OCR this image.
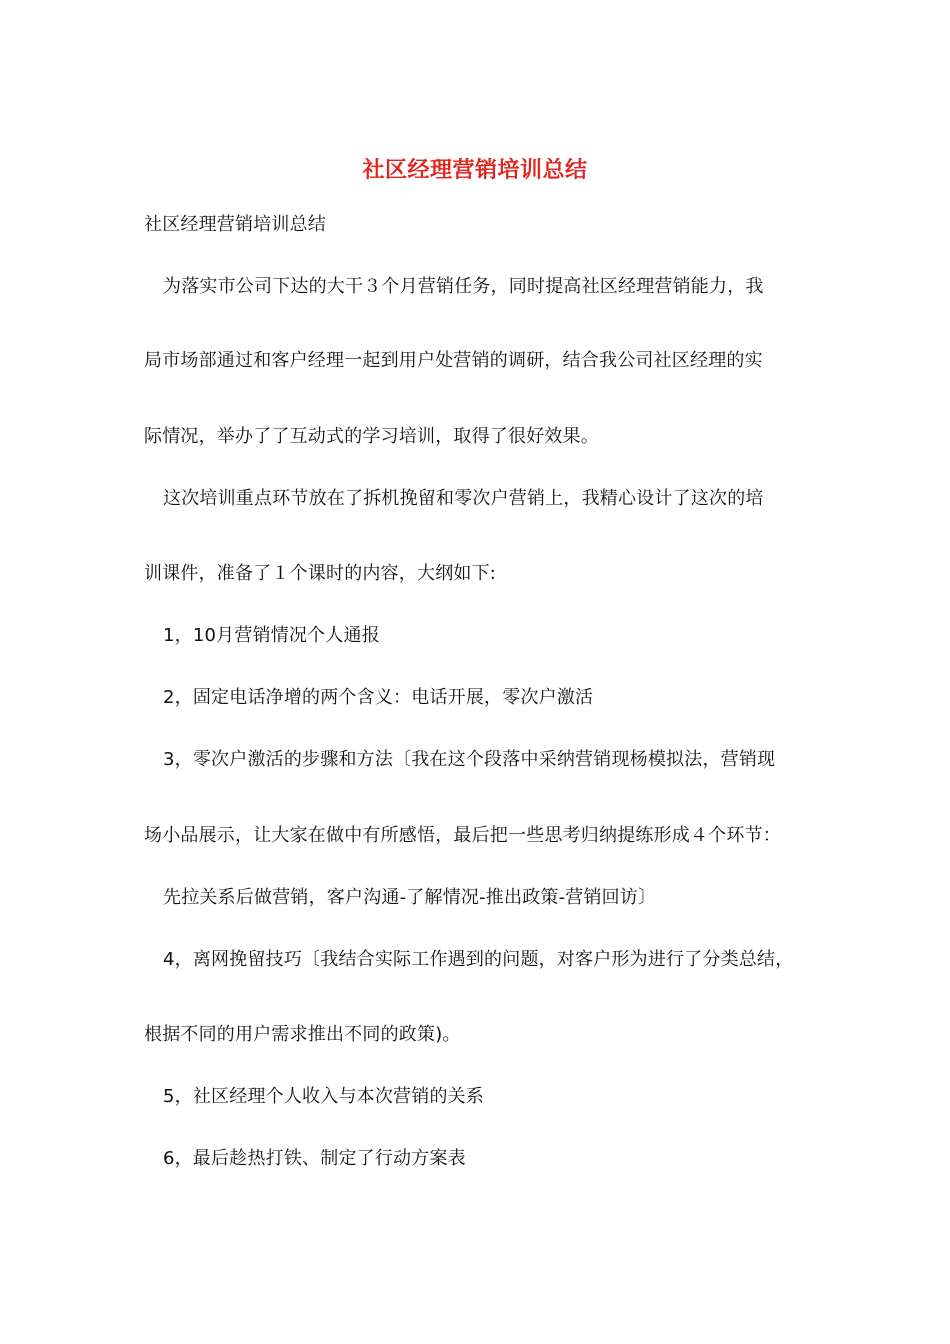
社区经理营销培训总结
社区经理营销培训总结
为落实市公司下达的大干３个月营销任务，同时提高社区经理营销能力，我
局市场部通过和客户经理一起到用户处营销的调研，结合我公司社区经理的实
际情况，举办了了互动式的学习培训，取得了很好效果。
这次培训重点环节放在了拆机挽留和零次户营销上，我精心设计了这次的培
训课件，准备了１个课时的内容，大纲如下:
1，10月营销情况个人通报
2，固定电话净增的两个含义：电话开展，零次户激活
3，零次户激活的步骤和方法〔我在这个段落中采纳营销现杨模拟法，营销现
场小品展示，让大家在做中有所感悟，最后把一些思考归纳提练形成４个环节：
先拉关系后做营销，客户沟通-了解情况-推出政策-营销回访〕
4，离网挽留技巧〔我结合实际工作遇到的问题，对客户形为进行了分类总结，
根据不同的用户需求推出不同的政策)。
5，社区经理个人收入与本次营销的关系
6，最后趁热打铁、制定了行动方案表
